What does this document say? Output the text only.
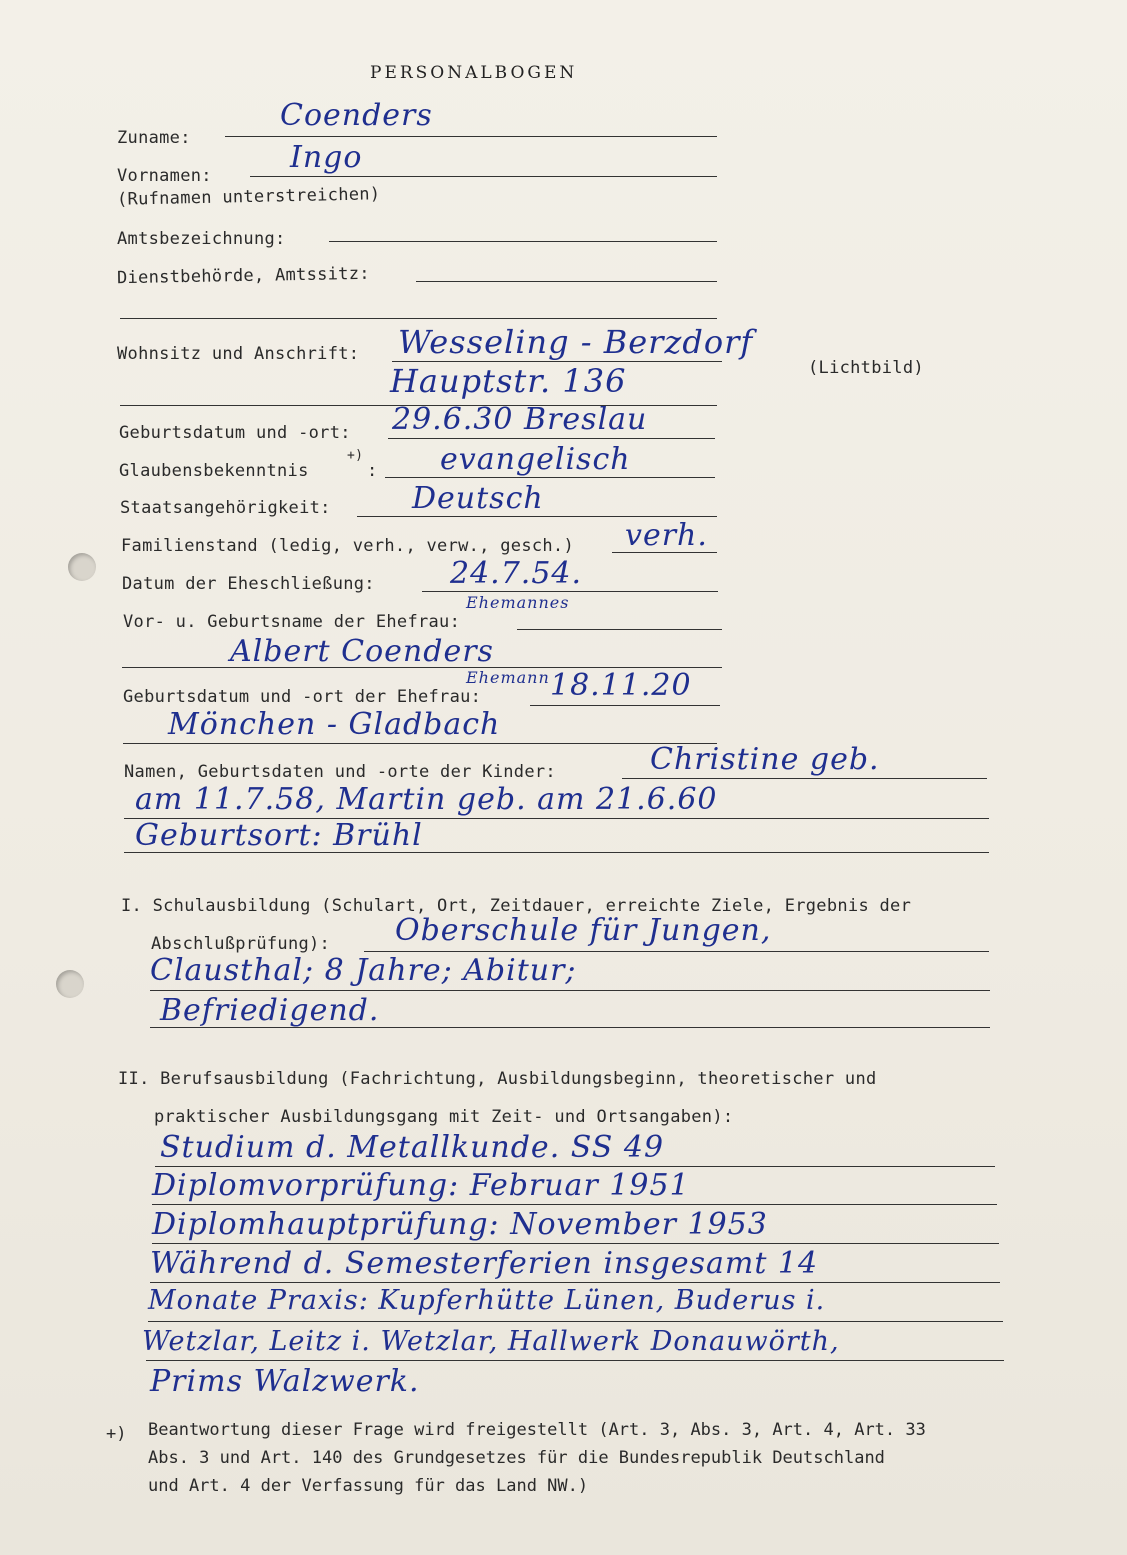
PERSONALBOGEN
Zuname:
Coenders
Vornamen:
Ingo
(Rufnamen unterstreichen)
Amtsbezeichnung:
Dienstbehörde, Amtssitz:
Wohnsitz und Anschrift: Wesseling - Berzdorf
Hauptstr. 136	(Lichtbild)
Geburtsdatum und -ort: 29.6.30 Breslau
Glaubensbekenntnis
+)
: evangelisch
Staatsangehörigkeit:	Deutsch
Familienstand (ledig, verh., verw., gesch.) verh.
Datum der Eheschließung:	24.7.54.
Vor- u. Geburtsname der Ehefrau:
Ehemannes
Albert Coenders
Geburtsdatum und -ort der Ehefrau:
Ehemann 18.11.20
Mönchen - Gladbach
Namen, Geburtsdaten und -orte der Kinder:	Christine geb.
am 11.7.58, Martin geb. am 21.6.60
Geburtsort: Brühl
I. Schulausbildung (Schulart, Ort, Zeitdauer, erreichte Ziele, Ergebnis der
Abschlußprüfung): Oberschule für Jungen,
Clausthal; 8 Jahre; Abitur;
Befriedigend.
II. Berufsausbildung (Fachrichtung, Ausbildungsbeginn, theoretischer und
praktischer Ausbildungsgang mit Zeit- und Ortsangaben):
Studium d. Metallkunde. SS 49
Diplomvorprüfung: Februar 1951
Diplomhauptprüfung: November 1953
Während d. Semesterferien insgesamt 14
Monate Praxis: Kupferhütte Lünen, Buderus i.
Wetzlar, Leitz i. Wetzlar, Hallwerk Donauwörth,
Prims Walzwerk.
+) Beantwortung dieser Frage wird freigestellt (Art. 3, Abs. 3, Art. 4, Art. 33
Abs. 3 und Art. 140 des Grundgesetzes für die Bundesrepublik Deutschland
und Art. 4 der Verfassung für das Land NW.)
